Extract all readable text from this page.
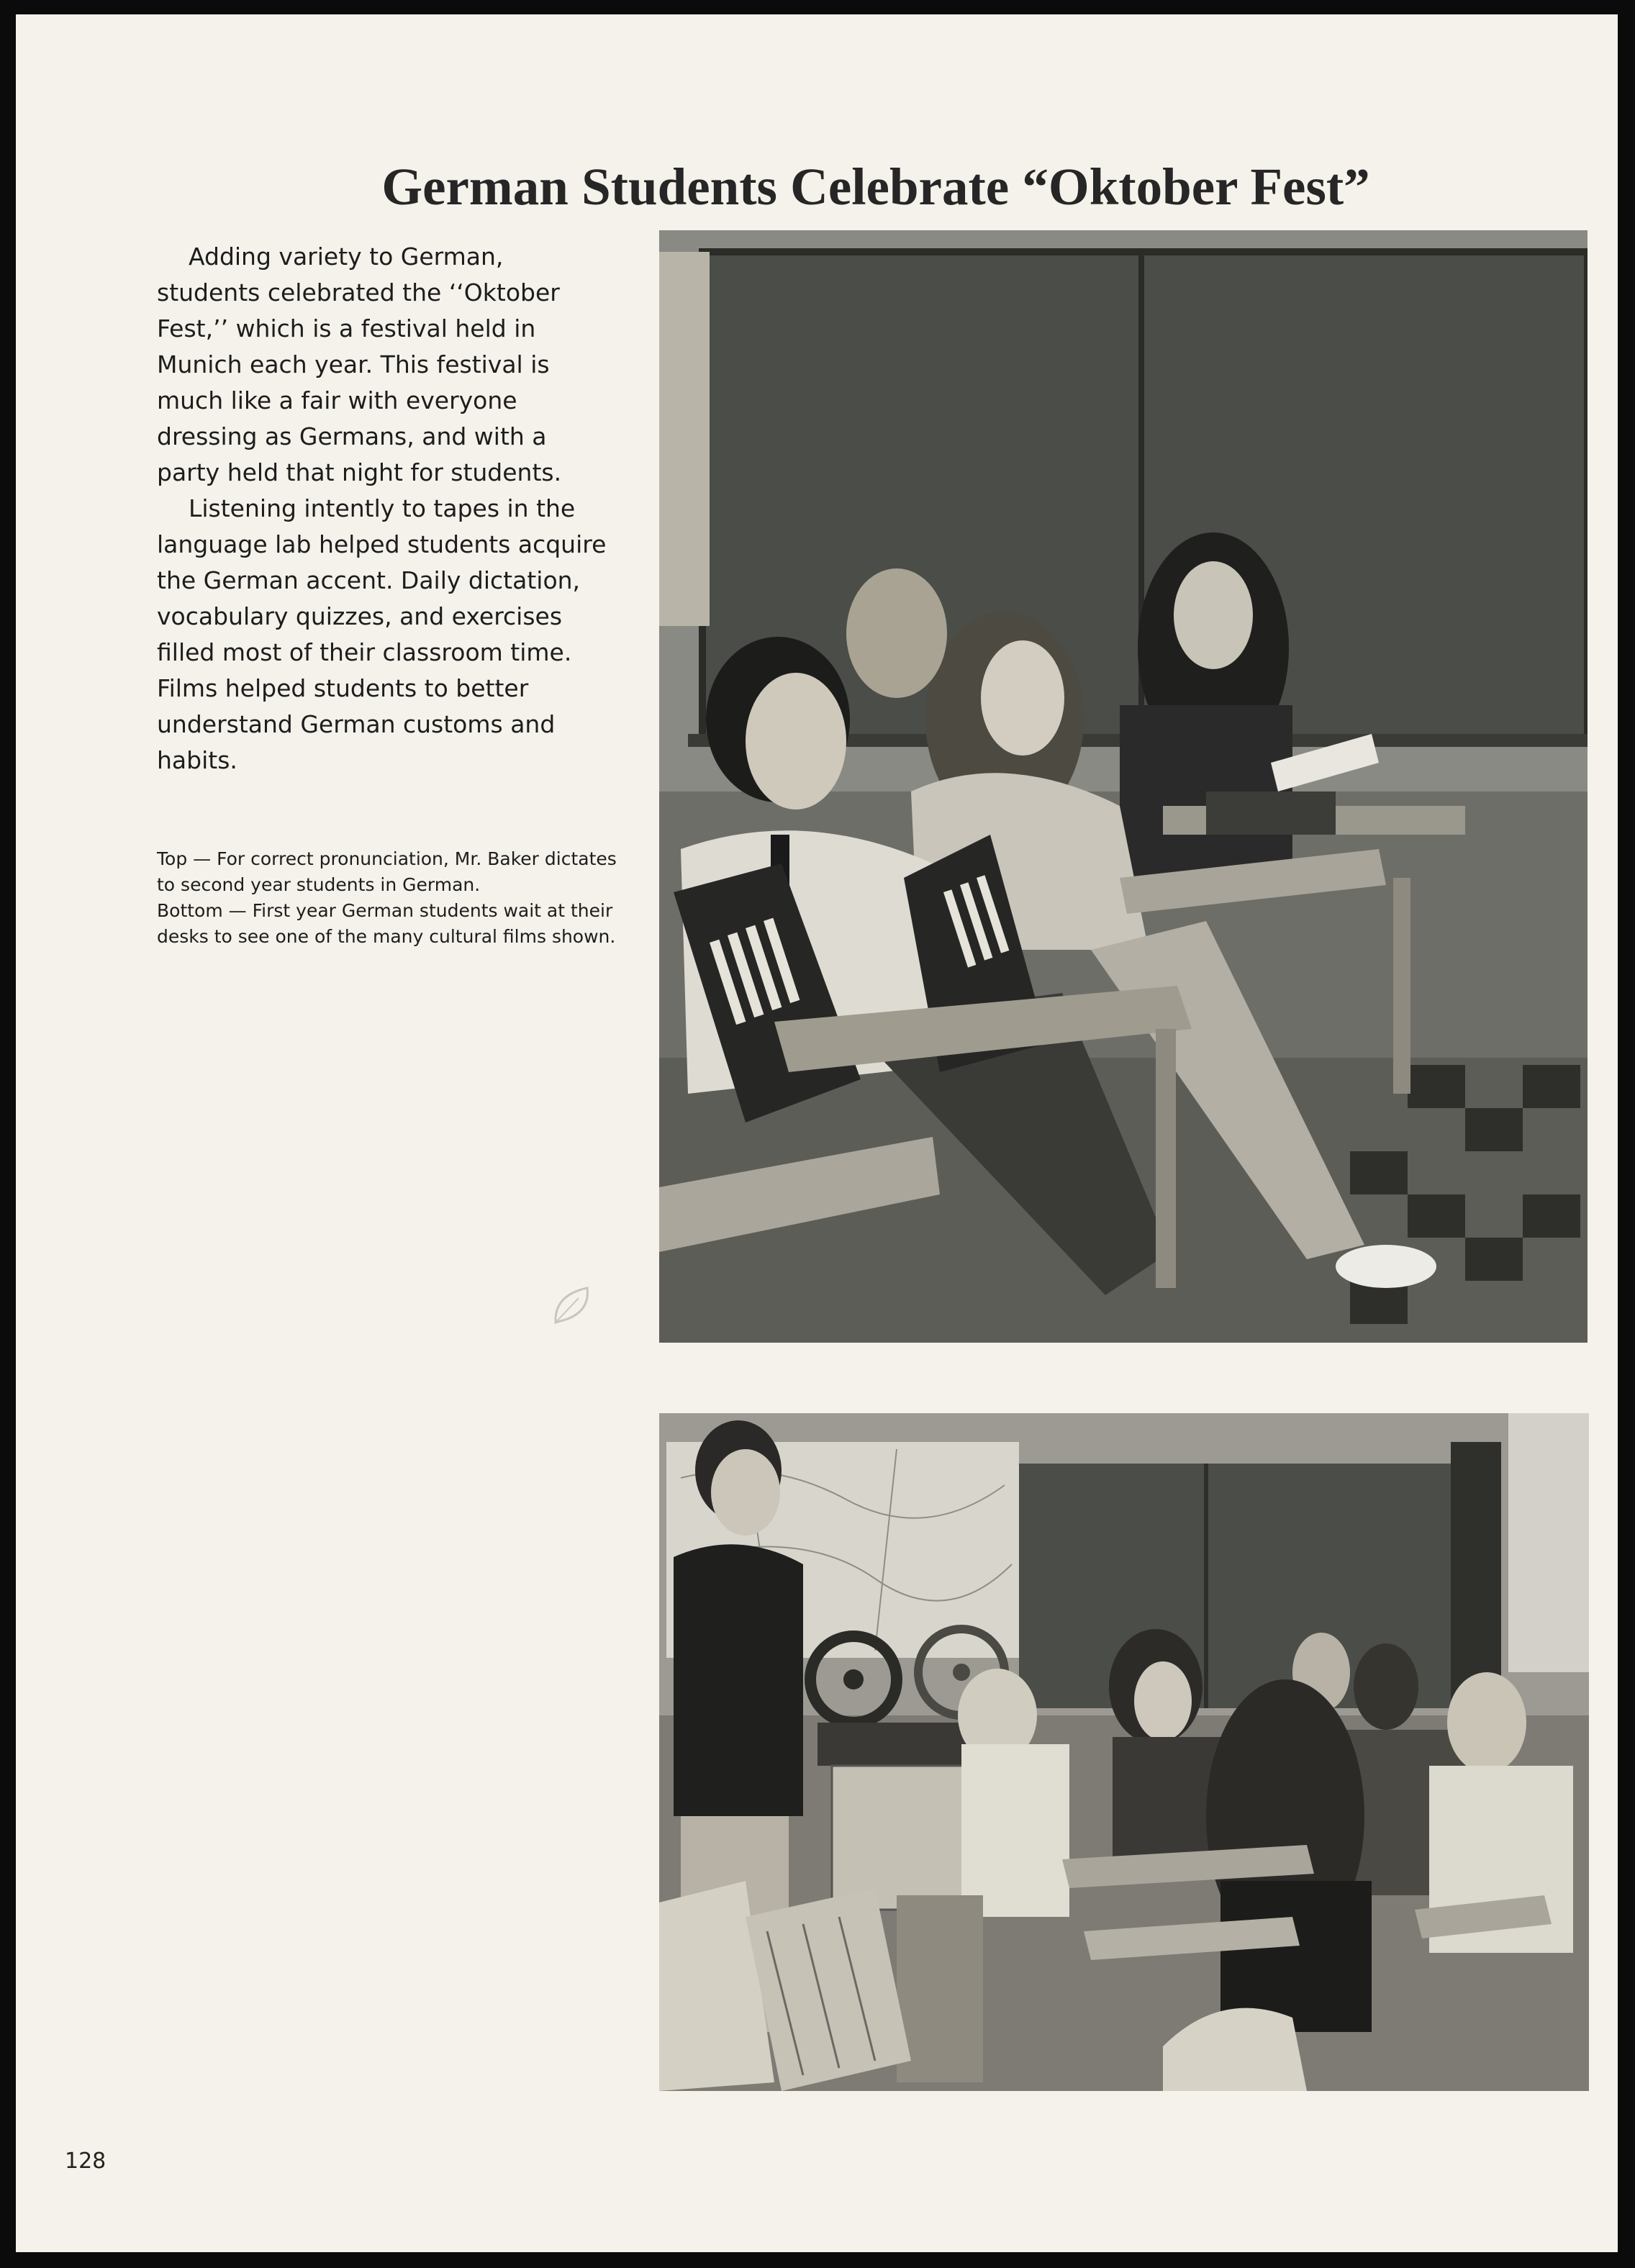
German Students Celebrate “Oktober Fest”

Adding variety to German, students celebrated the ‘‘Oktober Fest,’’ which is a festival held in Munich each year. This festival is much like a fair with everyone dressing as Germans, and with a party held that night for students.

Listening intently to tapes in the language lab helped students acquire the German accent. Daily dictation, vocabulary quizzes, and exercises filled most of their classroom time. Films helped students to better understand German customs and habits.

Top — For correct pronunciation, Mr. Baker dictates to second year students in German.

Bottom — First year German students wait at their desks to see one of the many cultural films shown.

128
